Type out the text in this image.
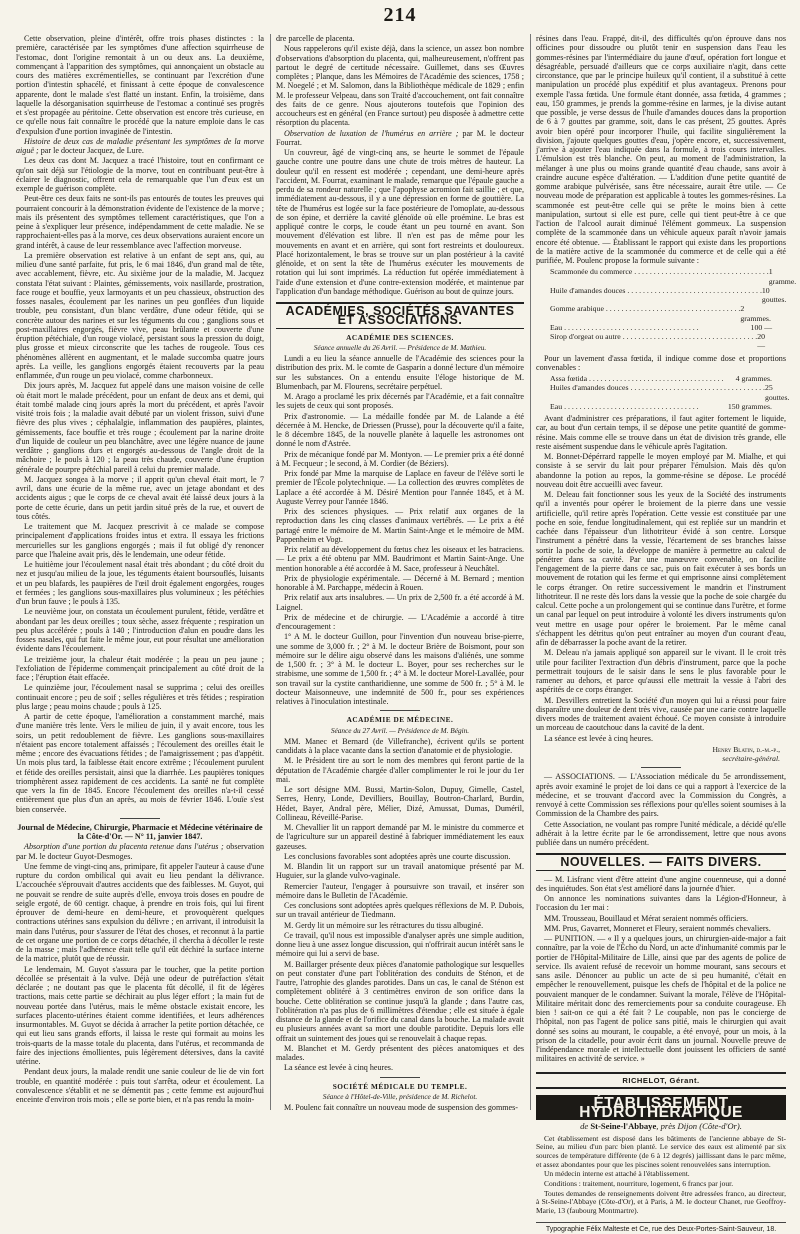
214

Cette observation, pleine d'intérêt, offre trois phases distinctes : la première, caractérisée par les symptômes d'une affection squirrheuse de l'estomac, dont l'origine remontait à un ou deux ans. La deuxième, commençant à l'apparition des symptômes, qui annonçaient un obstacle au cours des matières excrémentielles, se continuant par l'excrétion d'une portion d'intestin sphacélé, et finissant à cette époque de convalescence apparente, dont le malade s'est flatté un instant. Enfin, la troisième, dans laquelle la désorganisation squirrheuse de l'estomac a continué ses progrès et s'est propagée au péritoine. Cette observation est encore très curieuse, en ce qu'elle nous fait connaître le procédé que la nature emploie dans le cas d'expulsion d'une portion invaginée de l'intestin.

Histoire de deux cas de maladie présentant les symptômes de la morve aiguë ; par le docteur Jacquez, de Lure.

Les deux cas dont M. Jacquez a tracé l'histoire, tout en confirmant ce qu'on sait déjà sur l'étiologie de la morve, tout en contribuant peut-être à éclairer le diagnostic, offrent cela de remarquable que l'un d'eux est un exemple de guérison complète.

Peut-être ces deux faits ne sont-ils pas entourés de toutes les preuves qui pourraient concourir à la démonstration évidente de l'existence de la morve ; mais ils présentent des symptômes tellement caractéristiques, que l'on a peine à s'expliquer leur présence, indépendamment de cette maladie. Ne se rapprochaient-elles pas à la morve, ces deux observations auraient encore un grand intérêt, à cause de leur ressemblance avec l'affection morveuse.

La première observation est relative à un enfant de sept ans, qui, au milieu d'une santé parfaite, fut pris, le 6 mai 1846, d'un grand mal de tête, avec accablement, fièvre, etc. Au sixième jour de la maladie, M. Jacquez constata l'état suivant : Plaintes, gémissements, voix nasillarde, prostration, face rouge et bouffie, yeux larmoyants et un peu chassieux, obstruction des fosses nasales, écoulement par les narines un peu gonflées d'un liquide trouble, peu consistant, d'un blanc verdâtre, d'une odeur fétide, qui se concrète autour des narines et sur les téguments du cou ; ganglions sous et post-maxillaires engorgés, fièvre vive, peau brûlante et couverte d'une éruption pétéchiale, d'un rouge violacé, persistant sous la pression du doigt, plus grosse et mieux circonscrite que les taches de rougeole. Tous ces phénomènes allèrent en augmentant, et le malade succomba quatre jours après. La veille, les ganglions engorgés étaient recouverts par la peau enflammée, d'un rouge un peu violacé, comme charbonneux.

Dix jours après, M. Jacquez fut appelé dans une maison voisine de celle où était mort le malade précédent, pour un enfant de deux ans et demi, qui était tombé malade cinq jours après la mort du précédent, et après l'avoir visité trois fois ; la maladie avait débuté par un violent frisson, suivi d'une fièvre des plus vives ; céphalalgie, inflammation des paupières, plaintes, gémissements, face bouffie et très rouge ; écoulement par la narine droite d'un liquide de couleur un peu blanchâtre, avec une légère nuance de jaune verdâtre ; ganglions durs et engorgés au-dessous de l'angle droit de la mâchoire ; le pouls à 120 ; la peau très chaude, couverte d'une éruption générale de pourpre pétéchial pareil à celui du premier malade.

M. Jacquez songea à la morve ; il apprit qu'un cheval était mort, le 7 avril, dans une écurie de la même rue, avec un jetage abondant et des accidents aigus ; que le corps de ce cheval avait été laissé deux jours à la porte de cette écurie, dans un petit jardin situé près de la rue, et ouvert de tous côtés.

Le traitement que M. Jacquez prescrivit à ce malade se compose principalement d'applications froides intus et extra. Il essaya les frictions mercurielles sur les ganglions engorgés ; mais il fut obligé d'y renoncer parce que l'haleine avait pris, dès le lendemain, une odeur fétide.

Le huitième jour l'écoulement nasal était très abondant ; du côté droit du nez et jusqu'au milieu de la joue, les téguments étaient boursouflés, luisants et un peu blafards, les paupières de l'œil droit également engorgées, rouges et fermées ; les ganglions sous-maxillaires plus volumineux ; les pétéchies d'un brun fauve ; le pouls à 135.

Le neuvième jour, on constata un écoulement purulent, fétide, verdâtre et abondant par les deux oreilles ; toux sèche, assez fréquente ; respiration un peu plus accélérée ; pouls à 140 ; l'introduction d'alun en poudre dans les fosses nasales, qui fut faite le même jour, eut pour résultat une amélioration évidente dans l'écoulement.

Le treizième jour, la chaleur était modérée ; la peau un peu jaune ; l'exfoliation de l'épiderme commençait principalement au côté droit de la face ; l'éruption était effacée.

Le quinzième jour, l'écoulement nasal se supprima ; celui des oreilles continuait encore ; peu de soif ; selles régulières et très fétides ; respiration plus large ; peau moins chaude ; pouls à 125.

A partir de cette époque, l'amélioration a constamment marché, mais d'une manière très lente. Vers le milieu de juin, il y avait encore, tous les soirs, un petit redoublement de fièvre. Les ganglions sous-maxillaires n'étaient pas encore totalement affaissés ; l'écoulement des oreilles était le même ; encore des évacuations fétides ; de l'amaigrissement ; pas d'appétit. Un mois plus tard, la faiblesse était encore extrême ; l'écoulement purulent et fétide des oreilles persistait, ainsi que la diarrhée. Les paupières toniques triomphèrent assez rapidement de ces accidents. La santé ne fut complète que vers la fin de 1845. Encore l'écoulement des oreilles n'a-t-il cessé entièrement que plus d'un an après, au mois de février 1846. L'ouïe s'est bien conservée.

Journal de Médecine, Chirurgie, Pharmacie et Médecine vétérinaire de la Côte-d'Or. — N° 11, janvier 1847.

Absorption d'une portion du placenta retenue dans l'utérus ; observation par M. le docteur Guyot-Desmoges.

Une femme de vingt-cinq ans, primipare, fit appeler l'auteur à cause d'une rupture du cordon ombilical qui avait eu lieu pendant la délivrance. L'accouchée s'éprouvait d'autres accidents que des faiblesses. M. Guyot, qui ne pouvait se rendre de suite auprès d'elle, envoya trois doses en poudre de seigle ergoté, de 60 centigr. chaque, à prendre en trois fois, qui lui firent éprouver de demi-heure en demi-heure, et provoquèrent quelques contractions utérines sans expulsion du délivre ; en arrivant, il introduisit la main dans l'utérus, pour s'assurer de l'état des choses, et reconnut à la partie de cet organe une portion de ce corps détachée, il chercha à décoller le reste de la masse ; mais l'adhérence était telle qu'il eût déchiré la surface interne de la matrice, plutôt que de réussir.

Le lendemain, M. Guyot s'assura par le toucher, que la petite portion décollée se présentait à la vulve. Déjà une odeur de putréfaction s'était déclarée ; ne doutant pas que le placenta fût décollé, il fit de légères tractions, mais cette partie se déchirait au plus léger effort ; la main fut de nouveau portée dans l'utérus, mais le même obstacle existait encore, les surfaces placento-utérines étaient comme identifiées, et leurs adhérences insurmontables. M. Guyot se décida à arracher la petite portion détachée, ce qui eut lieu sans grands efforts, il laissa le reste qui formait au moins les trois-quarts de la masse totale du placenta, dans l'utérus, et recommanda de faire des injections émollientes, puis légèrement détersives, dans la cavité utérine.

Pendant deux jours, la malade rendit une sanie couleur de lie de vin fort trouble, en quantité modérée : puis tout s'arrêta, odeur et écoulement. La convalescence s'établit et ne se démentit pas ; cette femme est aujourd'hui enceinte d'environ trois mois ; elle se porte bien, et n'a pas rendu la moin-

dre parcelle de placenta.

Nous rappelerons qu'il existe déjà, dans la science, un assez bon nombre d'observations d'absorption du placenta, qui, malheureusement, n'offrent pas partout le degré de certitude nécessaire. Guillemet, dans ses Œuvres complètes ; Planque, dans les Mémoires de l'Académie des sciences, 1758 ; M. Noegelé ; et M. Salomon, dans la Bibliothèque médicale de 1829 ; enfin M. le professeur Velpeau, dans son Traité d'accouchement, ont fait connaître des faits de ce genre. Nous ajouterons toutefois que l'opinion des accoucheurs est en général (en France surtout) peu disposée à admettre cette résorption du placenta.

Observation de luxation de l'humérus en arrière ; par M. le docteur Fourrat.

Un couvreur, âgé de vingt-cinq ans, se heurte le sommet de l'épaule gauche contre une poutre dans une chute de trois mètres de hauteur. La douleur qu'il en ressent est modérée ; cependant, une demi-heure après l'accident, M. Fourrat, examinant le malade, remarque que l'épaule gauche a perdu de sa rondeur naturelle ; que l'apophyse acromion fait saillie ; et que, immédiatement au-dessous, il y a une dépression en forme de gouttière. La tête de l'humérus est logée sur la face postérieure de l'omoplate, au-dessous de son épine, et derrière la cavité glénoïde où elle proémine. Le bras est appliqué contre le corps, le coude étant un peu tourné en avant. Son mouvement d'élévation est libre. Il n'en est pas de même pour les mouvements en avant et en arrière, qui sont fort restreints et douloureux. Placé horizontalement, le bras se trouve sur un plan postérieur à la cavité glénoïde, et on sent la tête de l'humérus exécuter les mouvements de rotation qui lui sont imprimés. La réduction fut opérée immédiatement à l'aide d'une extension et d'une contre-extension modérée, et maintenue par l'application d'un bandage méthodique. Guérison au bout de quinze jours.

ACADÉMIES, SOCIÉTÉS SAVANTES ET ASSOCIATIONS.
ACADÉMIE DES SCIENCES.
Séance annuelle du 26 Avril. — Présidence de M. Mathieu.

Lundi a eu lieu la séance annuelle de l'Académie des sciences pour la distribution des prix. M. le comte de Gasparin a donné lecture d'un mémoire sur les substances. On a entendu ensuite l'éloge historique de M. Blumenbach, par M. Flourens, secrétaire perpétuel.

M. Arago a proclamé les prix décernés par l'Académie, et a fait connaître les sujets de ceux qui sont proposés.

Prix d'astronomie. — La médaille fondée par M. de Lalande a été décernée à M. Hencke, de Driessen (Prusse), pour la découverte qu'il a faite, le 8 décembre 1845, de la nouvelle planète à laquelle les astronomes ont donné le nom d'Astrée.

Prix de mécanique fondé par M. Montyon. — Le premier prix a été donné à M. Fecqueur ; le second, à M. Cordier (de Béziers).

Prix fondé par Mme la marquise de Laplace en faveur de l'élève sorti le premier de l'École polytechnique. — La collection des œuvres complètes de Laplace a été accordée à M. Désiré Mention pour l'année 1845, et à M. Auguste Verrey pour l'année 1846.

Prix des sciences physiques. — Prix relatif aux organes de la reproduction dans les cinq classes d'animaux vertébrés. — Le prix a été partagé entre le mémoire de M. Martin Saint-Ange et le mémoire de MM. Pappenheim et Vogt.

Prix relatif au développement du fœtus chez les oiseaux et les batraciens. — Le prix a été obtenu par MM. Baudrimont et Martin Saint-Ange. Une mention honorable a été accordée à M. Sace, professeur à Neuchâtel.

Prix de physiologie expérimentale. — Décerné à M. Bernard ; mention honorable à M. Parchappe, médecin à Rouen.

Prix relatif aux arts insalubres. — Un prix de 2,500 fr. a été accordé à M. Laignel.

Prix de médecine et de chirurgie. — L'Académie a accordé à titre d'encouragement :

1° A M. le docteur Guillon, pour l'invention d'un nouveau brise-pierre, une somme de 3,000 fr. ; 2° à M. le docteur Brière de Boismont, pour son mémoire sur le délire aigu observé dans les maisons d'aliénés, une somme de 1,500 fr. ; 3° à M. le docteur L. Boyer, pour ses recherches sur le strabisme, une somme de 1,500 fr. ; 4° à M. le docteur Morel-Lavallée, pour son travail sur la cystite cantharidienne, une somme de 500 fr. ; 5° à M. le docteur Maisonneuve, une indemnité de 500 fr., pour ses expériences relatives à l'inoculation intestinale.

ACADÉMIE DE MÉDECINE.
Séance du 27 Avril. — Présidence de M. Bégin.

MM. Manec et Bernard (de Villefranche), écrivent qu'ils se portent candidats à la place vacante dans la section d'anatomie et de physiologie.

M. le Président tire au sort le nom des membres qui feront partie de la députation de l'Académie chargée d'aller complimenter le roi le jour du 1er mai.

Le sort désigne MM. Bussi, Martin-Solon, Dupuy, Gimelle, Castel, Serres, Henry, Londe, Devilliers, Bouillay, Boutron-Charlard, Burdin, Hédet, Bayer, Andral père, Mélier, Dizé, Amussat, Dumas, Duméril, Collineau, Réveillé-Parise.

M. Chevallier lit un rapport demandé par M. le ministre du commerce et de l'agriculture sur un appareil destiné à fabriquer immédiatement les eaux gazeuses.

Les conclusions favorables sont adoptées après une courte discussion.

M. Blandin lit un rapport sur un travail anatomique présenté par M. Huguier, sur la glande vulvo-vaginale.

Remercier l'auteur, l'engager à poursuivre son travail, et insérer son mémoire dans le Bulletin de l'Académie.

Ces conclusions sont adoptées après quelques réflexions de M. P. Dubois, sur un travail antérieur de Tiedmann.

M. Gerdy lit un mémoire sur les rétractures du tissu albuginé.

Ce travail, qu'il nous est impossible d'analyser après une simple audition, donne lieu à une assez longue discussion, qui n'offrirait aucun intérêt sans le mémoire qui lui a servi de base.

M. Baillarger présente deux pièces d'anatomie pathologique sur lesquelles on peut constater d'une part l'oblitération des conduits de Sténon, et de l'autre, l'atrophie des glandes parotides. Dans un cas, le canal de Sténon est complètement oblitéré à 3 centimètres environ de son orifice dans la bouche. Cette oblitération se continue jusqu'à la glande ; dans l'autre cas, l'oblitération n'a pas plus de 6 millimètres d'étendue ; elle est située à égale distance de la glande et de l'orifice du canal dans la bouche. La malade avait eu plusieurs années avant sa mort une double parotidite. Depuis lors elle offrait un suintement des joues qui se renouvelait à chaque repas.

M. Blanchet et M. Gerdy présentent des pièces anatomiques et des malades.

La séance est levée à cinq heures.

SOCIÉTÉ MÉDICALE DU TEMPLE.
Séance à l'Hôtel-de-Ville, présidence de M. Richelot.

M. Poulenc fait connaître un nouveau mode de suspension des gommes-

résines dans l'eau. Frappé, dit-il, des difficultés qu'on éprouve dans nos officines pour dissoudre ou plutôt tenir en suspension dans l'eau les gommes-résines par l'intermédiaire du jaune d'œuf, opération fort longue et désagréable, persuadé d'ailleurs que ce corps auxiliaire n'agit, dans cette circonstance, que par le principe huileux qu'il contient, il a substitué à cette manipulation un procédé plus expéditif et plus avantageux. Prenons pour exemple l'assa fœtida. Une formule étant donnée, assa fœtida, 4 grammes ; eau, 150 grammes, je prends la gomme-résine en larmes, je la divise autant que possible, je verse dessus de l'huile d'amandes douces dans la proportion de 6 à 7 gouttes par gramme, soit, dans le cas présent, 25 gouttes. Après avoir bien opéré pour incorporer l'huile, qui facilite singulièrement la division, j'ajoute quelques gouttes d'eau, j'opère encore, et, successivement, j'arrive à ajouter l'eau indiquée dans la formule, à trois cours intervalles. L'émulsion est très blanche. On peut, au moment de l'administration, la mélanger à une plus ou moins grande quantité d'eau chaude, sans avoir à craindre aucune espèce d'altération. — L'addition d'une petite quantité de gomme arabique pulvérisée, sans être nécessaire, aurait être utile. — Ce nouveau mode de préparation est applicable à toutes les gommes-résines. La scammonée est peut-être celle qui se prête le moins bien à cette manipulation, surtout si elle est pure, celle qui tient peut-être à ce que l'action de l'alcool aurait diminué l'élément gommeux. La suspension complète de la scammonée dans un véhicule aqueux paraît n'avoir jamais encore été obtenue. — Établissant le rapport qui existe dans les proportions de la matière active de la scammonée du commerce et de celle qui a été purifiée, M. Poulenc propose la formule suivante :

Scammonée du commerce . . .	1 gramme.
Huile d'amandes douces . . .	10 gouttes.
Gomme arabique . . .	2 grammes.
Eau . . .	100 —
Sirop d'orgeat ou autre . . .	20 —

Pour un lavement d'assa fœtida, il indique comme dose et proportions convenables :

Assa fœtida . . .	4 grammes.
Huiles d'amandes douces . . .	25 gouttes.
Eau . . .	150 grammes.

Avant d'administrer ces préparations, il faut agiter fortement le liquide, car, au bout d'un certain temps, il se dépose une petite quantité de gomme-résine. Mais comme elle se trouve dans un état de division très grande, elle reste aisément suspendue dans le véhicule après l'agitation.

M. Bonnet-Dépérrard rappelle le moyen employé par M. Mialhe, et qui consiste à se servir du lait pour préparer l'émulsion. Mais dès qu'on abandonne la potion au repos, la gomme-résine se dépose. Le procédé nouveau doit être accueilli avec faveur.

M. Deleau fait fonctionner sous les yeux de la Société des instruments qu'il a inventés pour opérer le broiement de la pierre dans une vessie artificielle, qu'il retire après l'opération. Cette vessie est constituée par une poche en soie, fendue longitudinalement, qui est repliée sur un mandrin et cachée dans l'épaisseur d'un lithotriteur évidé à son centre. Lorsque l'instrument a pénétré dans la vessie, l'écartement de ses branches laisse sortir la poche de soie, la développe de manière à permettre au calcul de pénétrer dans sa cavité. Par une manœuvre convenable, on facilite l'engagement de la pierre dans ce sac, puis on fait exécuter à ses bords un mouvement de rotation qui les ferme et qui emprisonne ainsi complètement le corps étranger. On retire successivement le mandrin et l'instrument lithotriteur. Il ne reste dès lors dans la vessie que la poche de soie chargée du calcul. Cette poche a un prolongement qui se continue dans l'urètre, et forme un canal par lequel on peut introduire à volonté les divers instruments qu'on veut mettre en usage pour opérer le broiement. Par le même canal s'échappent les détritus qu'on peut entraîner au moyen d'un courant d'eau, afin de débarrasser la poche avant de la retirer.

M. Deleau n'a jamais appliqué son appareil sur le vivant. Il le croit très utile pour faciliter l'extraction d'un débris d'instrument, parce que la poche permettrait toujours de le saisir dans le sens le plus favorable pour le ramener au dehors, et parce qu'aussi elle mettrait la vessie à l'abri des aspérités de ce corps étranger.

M. Desvillers entretient la Société d'un moyen qui lui a réussi pour faire disparaître une douleur de dent très vive, causée par une carie contre laquelle divers modes de traitement avaient échoué. Ce moyen consiste à introduire un morceau de caoutchouc dans la cavité de la dent.

La séance est levée à cinq heures.

Henry Blatin, d.-m.-p.,
secrétaire-général.

— ASSOCIATIONS. — L'Association médicale du 5e arrondissement, après avoir examiné le projet de loi dans ce qui a rapport à l'exercice de la médecine, et se trouvant d'accord avec la Commission du Congrès, a renvoyé à cette Commission ses réflexions pour qu'elles soient soumises à la Commission de la Chambre des pairs.

Cette Association, ne voulant pas rompre l'unité médicale, a décidé qu'elle adhérait à la lettre écrite par le 6e arrondissement, lettre que nous avons publiée dans un numéro précédent.

NOUVELLES. — FAITS DIVERS.

— M. Lisfranc vient d'être atteint d'une angine couenneuse, qui a donné des inquiétudes. Son état s'est amélioré dans la journée d'hier.

On annonce les nominations suivantes dans la Légion-d'Honneur, à l'occasion du 1er mai :

MM. Trousseau, Bouillaud et Mérat seraient nommés officiers.

MM. Prus, Gavarret, Monneret et Fleury, seraient nommés chevaliers.

— PUNITION. — « Il y a quelques jours, un chirurgien-aide-major a fait connaître, par la voie de l'Écho du Nord, un acte d'inhumanité commis par le portier de l'Hôpital-Militaire de Lille, ainsi que par des agents de police de service. Ils avaient refusé de recevoir un homme mourant, sans secours et sans asile. Dénoncer au public un acte de si peu humanité, c'était en empêcher le renouvellement, puisque les chefs de l'hôpital et de la police ne pouvaient manquer de le condamner. Suivant la morale, l'élève de l'Hôpital-Militaire méritait donc des remerciements pour sa conduite courageuse. Eh bien ! sait-on ce qui a été fait ? Le coupable, non pas le concierge de l'hôpital, non pas l'agent de police sans pitié, mais le chirurgien qui avait donné ses soins au mourant, le coupable, a été envoyé, pour un mois, à la prison de la citadelle, pour avoir écrit dans un journal. Nouvelle preuve de l'indépendance morale et intellectuelle dont jouissent les officiers de santé militaires en activité de service. »

RICHELOT, Gérant.
ÉTABLISSEMENT HYDROTHÉRAPIQUE
de St-Seine-l'Abbaye, près Dijon (Côte-d'Or).

Cet établissement est disposé dans les bâtiments de l'ancienne abbaye de St-Seine, au milieu d'un parc bien planté. Le service des eaux est alimenté par six sources de température différente (de 6 à 12 degrés) jaillissant dans le parc même, et assez abondantes pour que les piscines soient renouvelées sans interruption.

Un médecin interne est attaché à l'établissement.

Conditions : traitement, nourriture, logement, 6 francs par jour.

Toutes demandes de renseignements doivent être adressées franco, au directeur, à St-Seine-l'Abbaye (Côte-d'Or), et à Paris, à M. le docteur Chanet, rue Geoffroy-Marie, 13 (faubourg Montmartre).

Typographie Félix Malteste et Ce, rue des Deux-Portes-Saint-Sauveur, 18.
